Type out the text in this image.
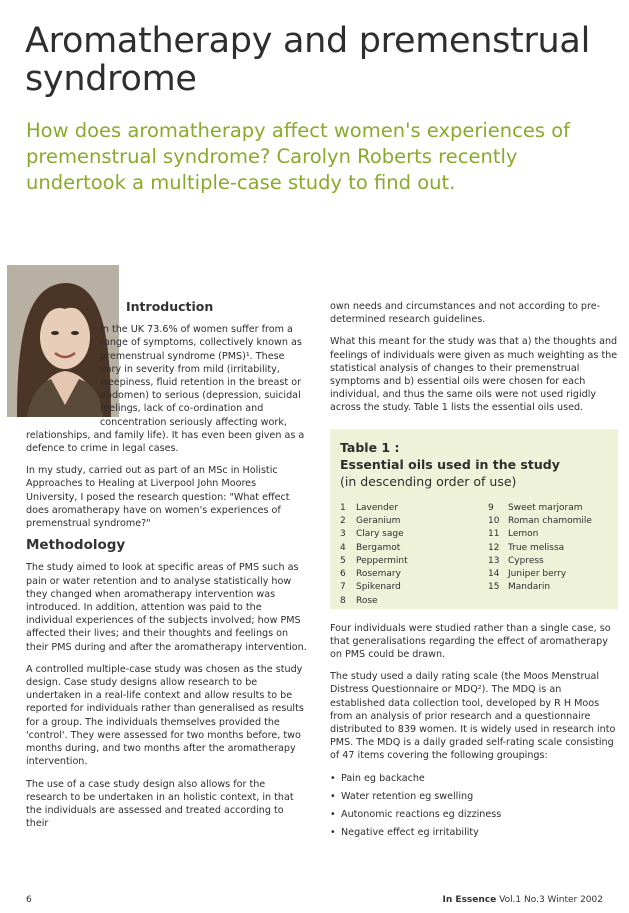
Aromatherapy and premenstrual syndrome

How does aromatherapy affect women's experiences of premenstrual syndrome? Carolyn Roberts recently undertook a multiple-case study to find out.

Introduction

In the UK 73.6% of women suffer from a range of symptoms, collectively known as premenstrual syndrome (PMS)¹. These vary in severity from mild (irritability, weepiness, fluid retention in the breast or abdomen) to serious (depression, suicidal feelings, lack of co-ordination and concentration seriously affecting work, relationships, and family life). It has even been given as a defence to crime in legal cases.

In my study, carried out as part of an MSc in Holistic Approaches to Healing at Liverpool John Moores University, I posed the research question: "What effect does aromatherapy have on women's experiences of premenstrual syndrome?"

Methodology

The study aimed to look at specific areas of PMS such as pain or water retention and to analyse statistically how they changed when aromatherapy intervention was introduced. In addition, attention was paid to the individual experiences of the subjects involved; how PMS affected their lives; and their thoughts and feelings on their PMS during and after the aromatherapy intervention.

A controlled multiple-case study was chosen as the study design. Case study designs allow research to be undertaken in a real-life context and allow results to be reported for individuals rather than generalised as results for a group. The individuals themselves provided the 'control'. They were assessed for two months before, two months during, and two months after the aromatherapy intervention.

The use of a case study design also allows for the research to be undertaken in an holistic context, in that the individuals are assessed and treated according to their

own needs and circumstances and not according to pre-determined research guidelines.

What this meant for the study was that a) the thoughts and feelings of individuals were given as much weighting as the statistical analysis of changes to their premenstrual symptoms and b) essential oils were chosen for each individual, and thus the same oils were not used rigidly across the study. Table 1 lists the essential oils used.

Table 1 :

Essential oils used in the study

(in descending order of use)

1	Lavender
2	Geranium
3	Clary sage
4	Bergamot
5	Peppermint
6	Rosemary
7	Spikenard
8	Rose
9	Sweet marjoram
10 Roman chamomile
11 Lemon
12 True melissa
13 Cypress
14 Juniper berry
15 Mandarin

Four individuals were studied rather than a single case, so that generalisations regarding the effect of aromatherapy on PMS could be drawn.

The study used a daily rating scale (the Moos Menstrual Distress Questionnaire or MDQ²). The MDQ is an established data collection tool, developed by R H Moos from an analysis of prior research and a questionnaire distributed to 839 women. It is widely used in research into PMS. The MDQ is a daily graded self-rating scale consisting of 47 items covering the following groupings:

• Pain eg backache
• Water retention eg swelling
• Autonomic reactions eg dizziness
• Negative effect eg irritability
6	In Essence Vol.1 No.3 Winter 2002
